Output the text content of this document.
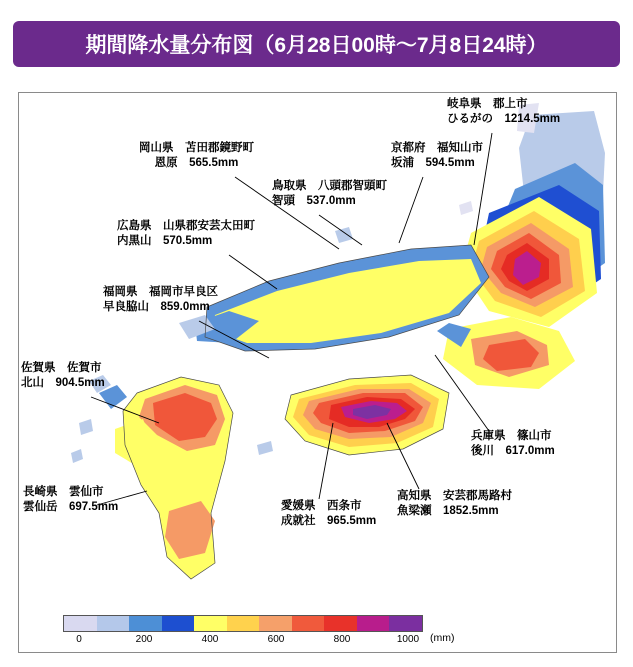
期間降水量分布図（6月28日00時〜7月8日24時）
岐阜県　郡上市
ひるがの　1214.5mm
岡山県　苫田郡鏡野町
恩原　565.5mm
京都府　福知山市
坂浦　594.5mm
鳥取県　八頭郡智頭町
智頭　537.0mm
広島県　山県郡安芸太田町
内黒山　570.5mm
福岡県　福岡市早良区
早良脇山　859.0mm
佐賀県　佐賀市
北山　904.5mm
長崎県　雲仙市
雲仙岳　697.5mm	愛媛県　西条市
成就社　965.5mm
高知県　安芸郡馬路村
魚梁瀬　1852.5mm
兵庫県　篠山市
後川　617.0mm
0	200	400	600	800	1000 (mm)
